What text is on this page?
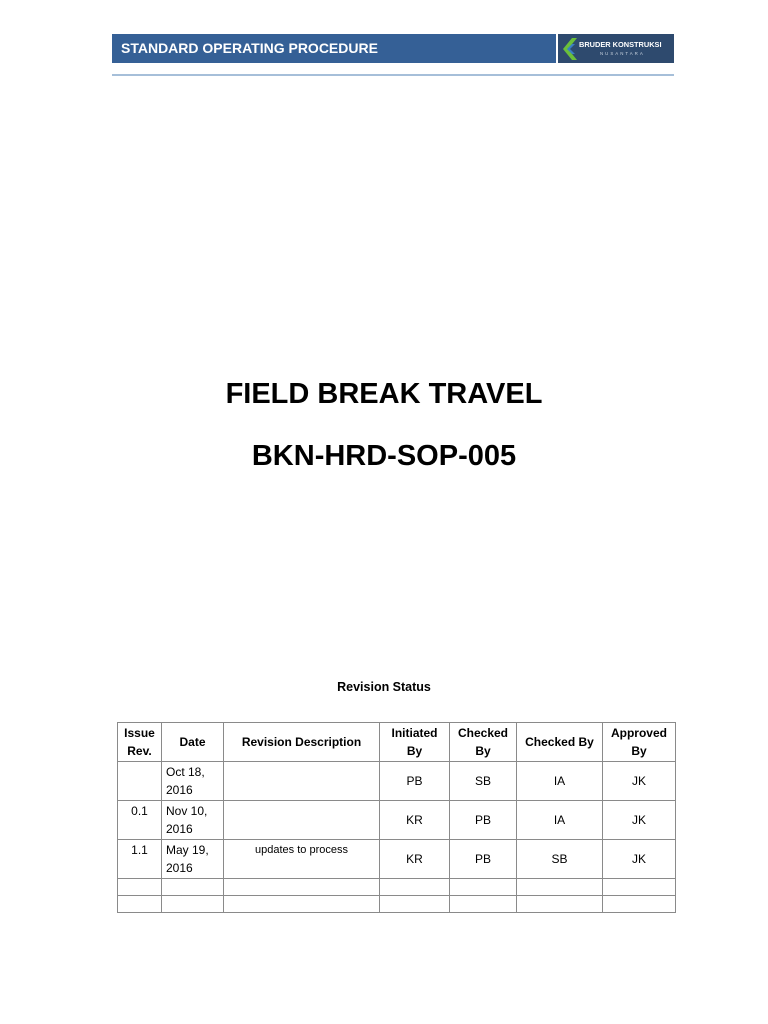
STANDARD OPERATING PROCEDURE	BRUDER KONSTRUKSI
NUSANTARA
FIELD BREAK TRAVEL
BKN-HRD-SOP-005
Revision Status
Issue Rev.	Date	Revision Description	Initiated By	Checked By	Checked By	Approved By
	Oct 18, 2016		PB	SB	IA	JK
0.1	Nov 10, 2016		KR	PB	IA	JK
1.1	May 19, 2016	updates to process	KR	PB	SB	JK
